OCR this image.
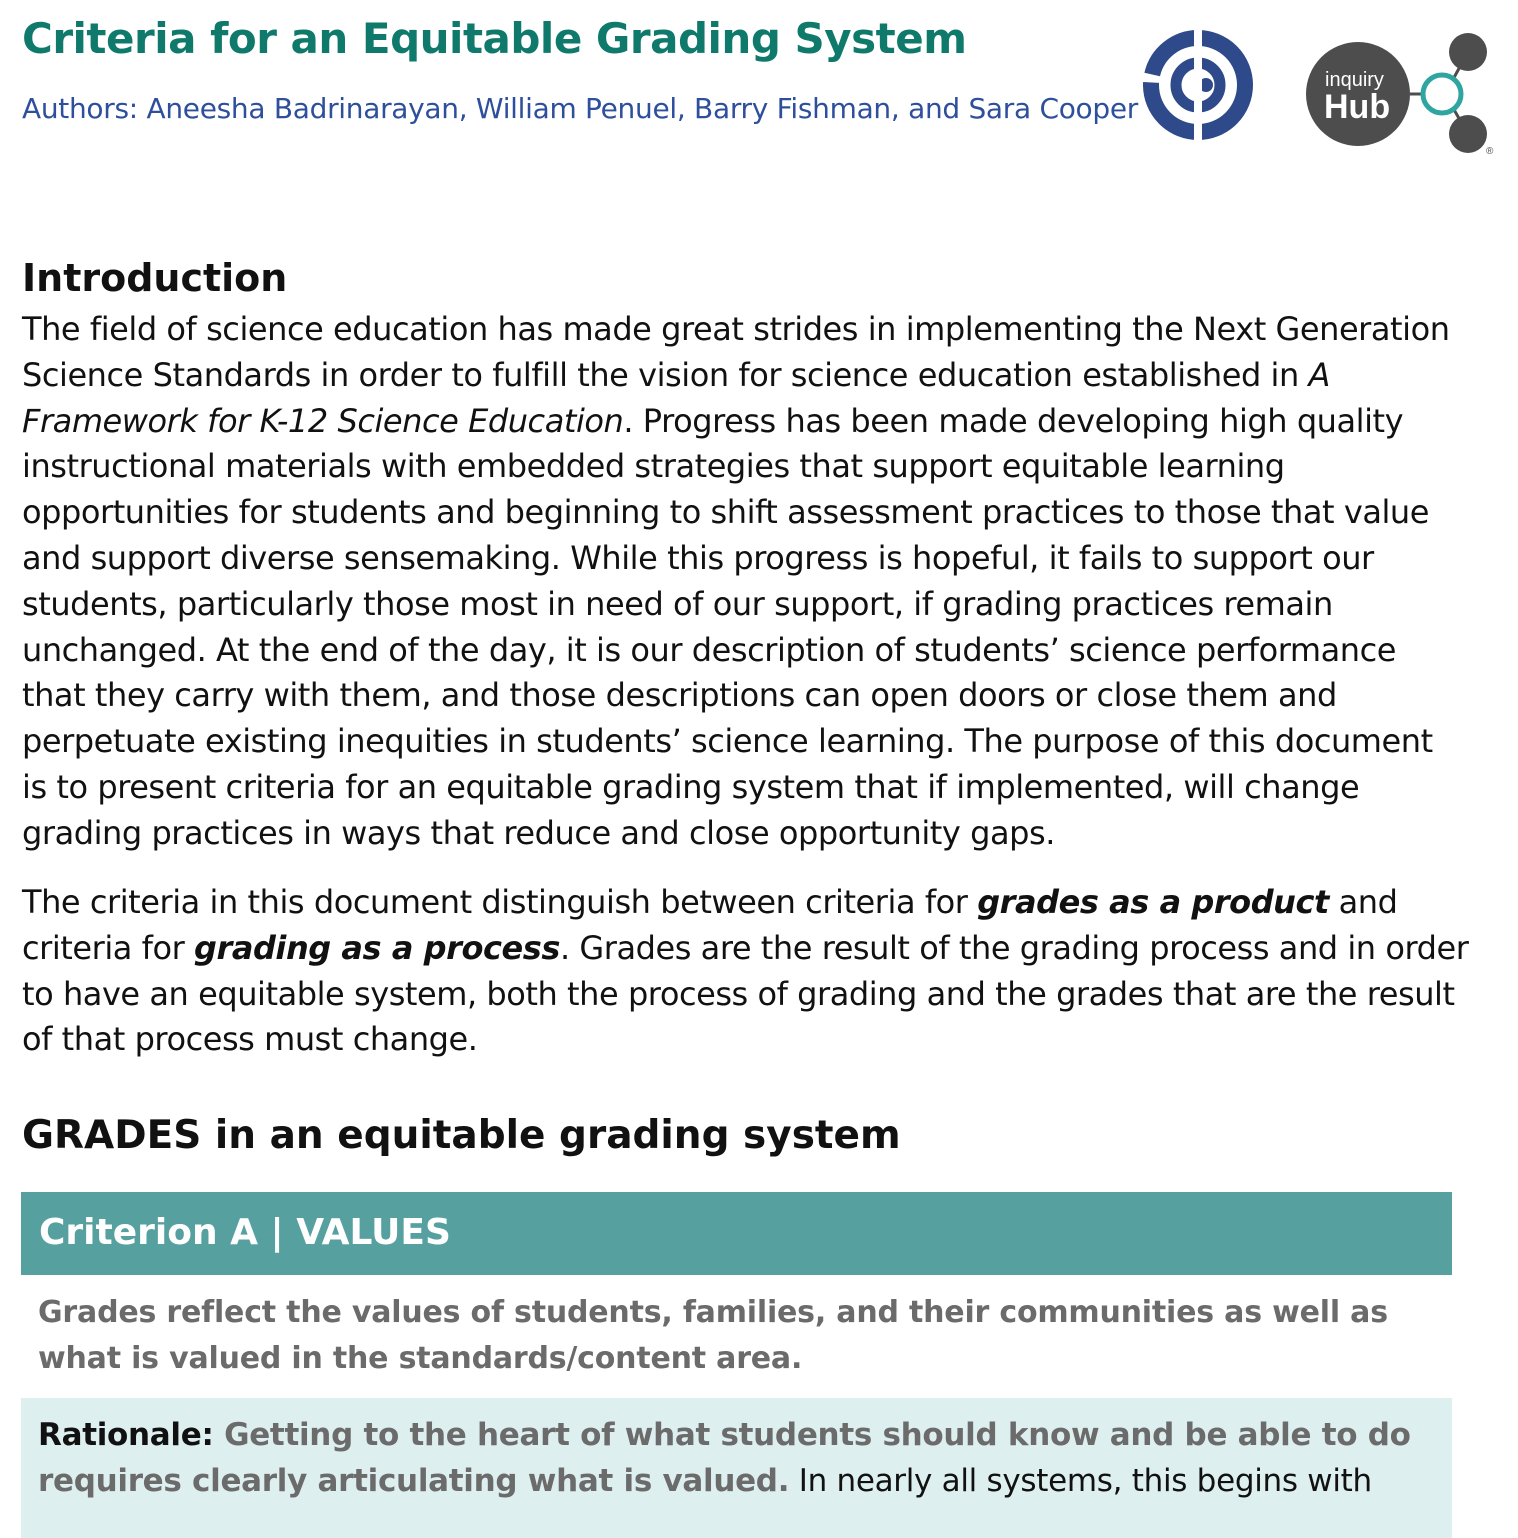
Criteria for an Equitable Grading System
Authors: Aneesha Badrinarayan, William Penuel, Barry Fishman, and Sara Cooper
inquiry
Hub
®
Introduction

The field of science education has made great strides in implementing the Next Generation
Science Standards in order to fulfill the vision for science education established in A
Framework for K-12 Science Education. Progress has been made developing high quality
instructional materials with embedded strategies that support equitable learning
opportunities for students and beginning to shift assessment practices to those that value
and support diverse sensemaking. While this progress is hopeful, it fails to support our
students, particularly those most in need of our support, if grading practices remain
unchanged. At the end of the day, it is our description of students’ science performance
that they carry with them, and those descriptions can open doors or close them and
perpetuate existing inequities in students’ science learning. The purpose of this document
is to present criteria for an equitable grading system that if implemented, will change
grading practices in ways that reduce and close opportunity gaps.

The criteria in this document distinguish between criteria for grades as a product and
criteria for grading as a process. Grades are the result of the grading process and in order
to have an equitable system, both the process of grading and the grades that are the result
of that process must change.

GRADES in an equitable grading system
Criterion A | VALUES
Grades reflect the values of students, families, and their communities as well as
what is valued in the standards/content area.
Rationale: Getting to the heart of what students should know and be able to do
requires clearly articulating what is valued. In nearly all systems, this begins with
